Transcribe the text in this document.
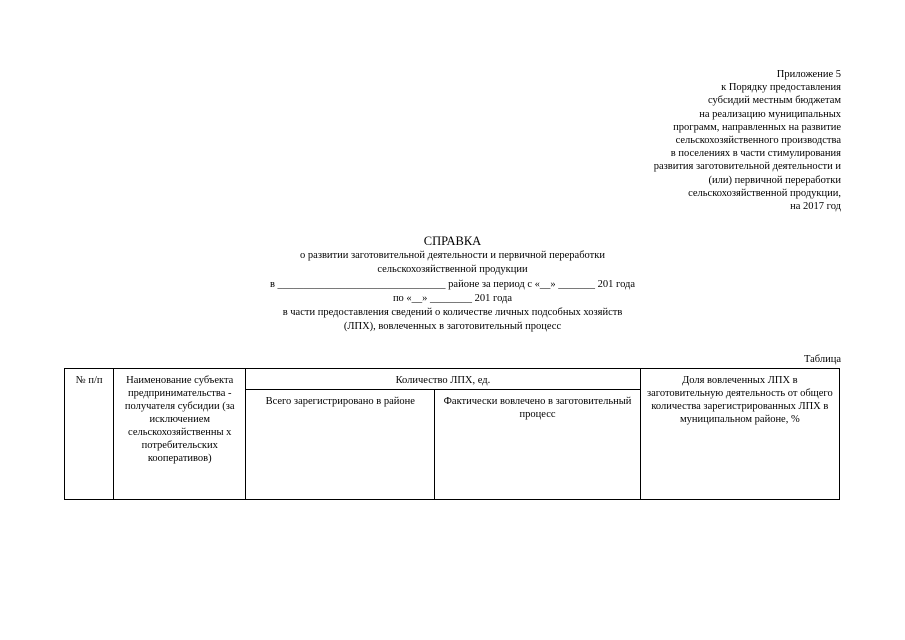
Приложение 5
к Порядку предоставления
субсидий местным бюджетам
на реализацию муниципальных
программ, направленных на развитие
сельскохозяйственного производства
в поселениях в части стимулирования
развития заготовительной деятельности и
(или) первичной переработки
сельскохозяйственной продукции,
на 2017 год
СПРАВКА
о развитии заготовительной деятельности и первичной переработки
сельскохозяйственной продукции
в ________________________________ районе за период с «__» _______ 201 года
по «__» ________ 201 года
в части предоставления сведений о количестве личных подсобных хозяйств
(ЛПХ), вовлеченных в заготовительный процесс
Таблица
№ п/п	Наименование субъекта предпринимательства - получателя субсидии (за исключением сельскохозяйственны х потребительских кооперативов)	Количество ЛПХ, ед.		Доля вовлеченных ЛПХ в заготовительную деятельность от общего количества зарегистрированных ЛПХ в муниципальном районе, %
		Всего зарегистрировано в районе	Фактически вовлечено в заготовительный процесс	
